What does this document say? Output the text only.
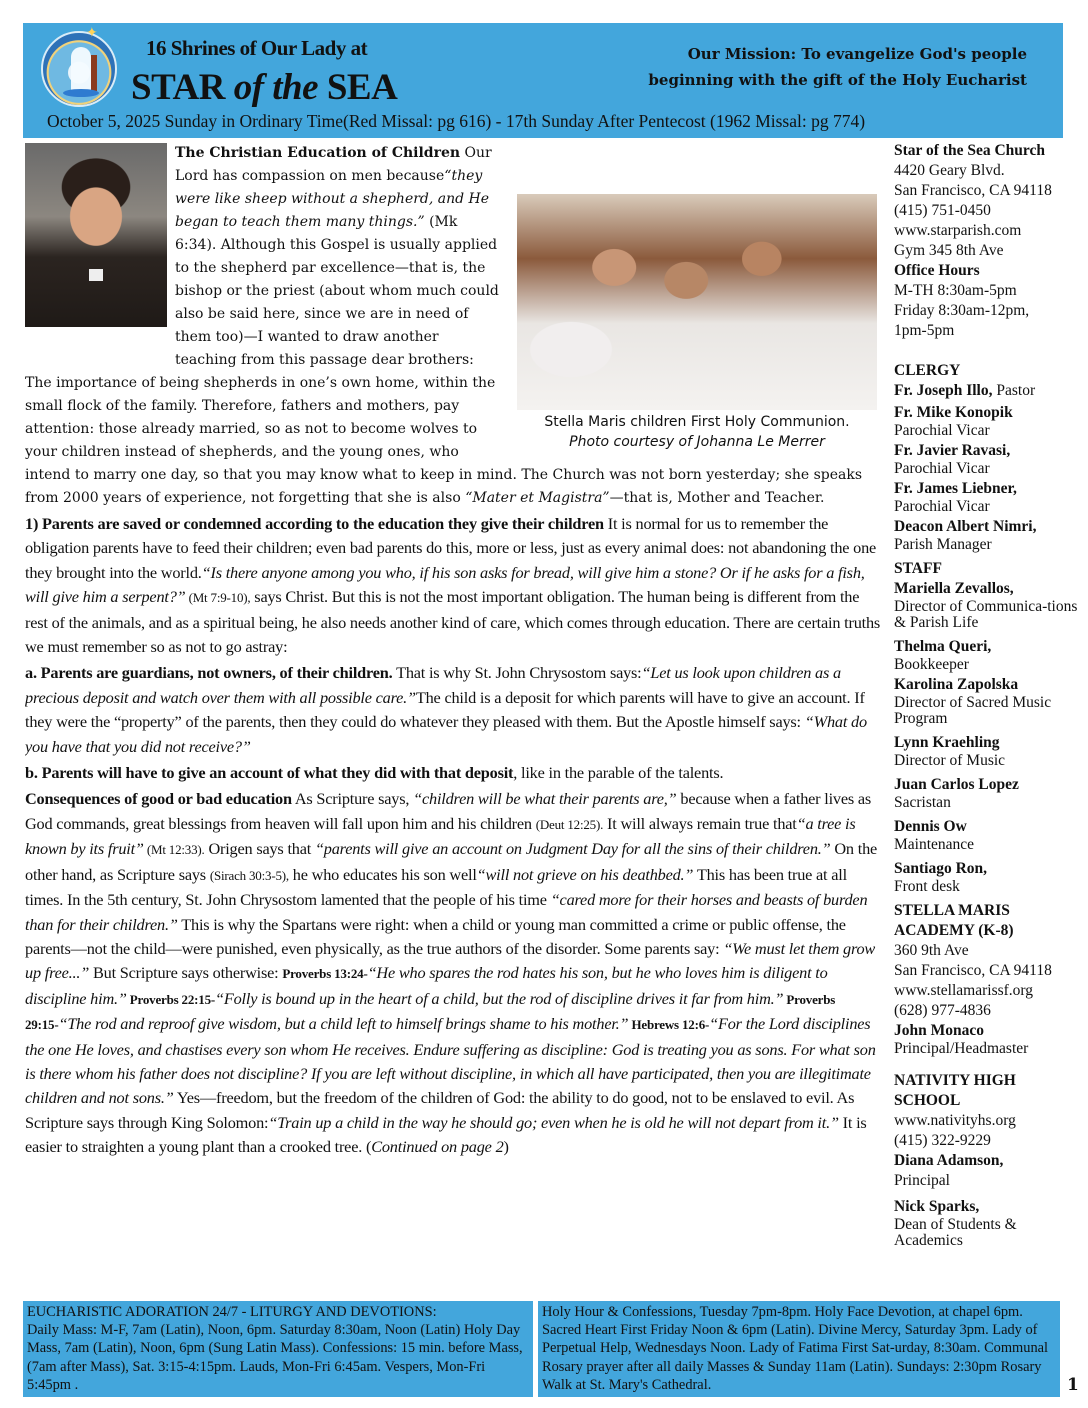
✦
16 Shrines of Our Lady at
STAR of the SEA
Our Mission: To evangelize God's people
beginning with the gift of the Holy Eucharist
October 5, 2025 Sunday in Ordinary Time(Red Missal: pg 616) - 17th Sunday After Pentecost (1962 Missal: pg 774)
Stella Maris children First Holy Communion.
Photo courtesy of Johanna Le Merrer

The Christian Education of Children Our Lord has compassion on men because“they were like sheep without a shepherd, and He began to teach them many things.” (Mk 6:34). Although this Gospel is usually applied to the shepherd par excellence—that is, the bishop or the priest (about whom much could also be said here, since we are in need of them too)—I wanted to draw another teaching from this passage dear brothers: The importance of being shepherds in one’s own home, within the small flock of the family. Therefore, fathers and mothers, pay attention: those already married, so as not to become wolves to your children instead of shepherds, and the young ones, who intend to marry one day, so that you may know what to keep in mind. The Church was not born yesterday; she speaks from 2000 years of experience, not forgetting that she is also “Mater et Magistra”—that is, Mother and Teacher.

1) Parents are saved or condemned according to the education they give their children It is normal for us to remember the obligation parents have to feed their children; even bad parents do this, more or less, just as every animal does: not abandoning the one they brought into the world.“Is there anyone among you who, if his son asks for bread, will give him a stone? Or if he asks for a fish, will give him a serpent?” (Mt 7:9-10), says Christ. But this is not the most important obligation. The human being is different from the rest of the animals, and as a spiritual being, he also needs another kind of care, which comes through education. There are certain truths we must remember so as not to go astray:

a. Parents are guardians, not owners, of their children. That is why St. John Chrysostom says:“Let us look upon children as a precious deposit and watch over them with all possible care.”The child is a deposit for which parents will have to give an account. If they were the “property” of the parents, then they could do whatever they pleased with them. But the Apostle himself says: “What do you have that you did not receive?”

b. Parents will have to give an account of what they did with that deposit, like in the parable of the talents.

Consequences of good or bad education As Scripture says, “children will be what their parents are,” because when a father lives as God commands, great blessings from heaven will fall upon him and his children (Deut 12:25). It will always remain true that“a tree is known by its fruit” (Mt 12:33). Origen says that “parents will give an account on Judgment Day for all the sins of their children.” On the other hand, as Scripture says (Sirach 30:3-5), he who educates his son well“will not grieve on his deathbed.” This has been true at all times. In the 5th century, St. John Chrysostom lamented that the people of his time “cared more for their horses and beasts of burden than for their children.” This is why the Spartans were right: when a child or young man committed a crime or public offense, the parents—not the child—were punished, even physically, as the true authors of the disorder. Some parents say: “We must let them grow up free...” But Scripture says otherwise: Proverbs 13:24-“He who spares the rod hates his son, but he who loves him is diligent to discipline him.” Proverbs 22:15-“Folly is bound up in the heart of a child, but the rod of discipline drives it far from him.” Proverbs 29:15-“The rod and reproof give wisdom, but a child left to himself brings shame to his mother.” Hebrews 12:6-“For the Lord disciplines the one He loves, and chastises every son whom He receives. Endure suffering as discipline: God is treating you as sons. For what son is there whom his father does not discipline? If you are left without discipline, in which all have participated, then you are illegitimate children and not sons.” Yes—freedom, but the freedom of the children of God: the ability to do good, not to be enslaved to evil. As Scripture says through King Solomon:“Train up a child in the way he should go; even when he is old he will not depart from it.” It is easier to straighten a young plant than a crooked tree. (Continued on page 2)

Star of the Sea Church
4420 Geary Blvd.
San Francisco, CA 94118
(415) 751-0450
www.starparish.com
Gym 345 8th Ave
Office Hours
M-TH 8:30am-5pm
Friday 8:30am-12pm,
1pm-5pm
CLERGY
Fr. Joseph Illo, Pastor
Fr. Mike Konopik
Parochial Vicar
Fr. Javier Ravasi,
Parochial Vicar
Fr. James Liebner,
Parochial Vicar
Deacon Albert Nimri,
Parish Manager
STAFF
Mariella Zevallos,
Director of Communica-tions & Parish Life
Thelma Queri,
Bookkeeper
Karolina Zapolska
Director of Sacred Music Program
Lynn Kraehling
Director of Music
Juan Carlos Lopez
Sacristan
Dennis Ow
Maintenance
Santiago Ron,
Front desk
STELLA MARIS ACADEMY (K-8)
360 9th Ave
San Francisco, CA 94118
www.stellamarissf.org
(628) 977-4836
John Monaco
Principal/Headmaster
NATIVITY HIGH SCHOOL
www.nativityhs.org
(415) 322-9229
Diana Adamson,
Principal
Nick Sparks,
Dean of Students & Academics
EUCHARISTIC ADORATION 24/7 - LITURGY AND DEVOTIONS:
Daily Mass: M-F, 7am (Latin), Noon, 6pm. Saturday 8:30am, Noon (Latin) Holy Day Mass, 7am (Latin), Noon, 6pm (Sung Latin Mass). Confessions: 15 min. before Mass, (7am after Mass), Sat. 3:15-4:15pm. Lauds, Mon-Fri 6:45am. Vespers, Mon-Fri 5:45pm .
Holy Hour & Confessions, Tuesday 7pm-8pm. Holy Face Devotion, at chapel 6pm. Sacred Heart First Friday Noon & 6pm (Latin). Divine Mercy, Saturday 3pm. Lady of Perpetual Help, Wednesdays Noon. Lady of Fatima First Sat-urday, 8:30am. Communal Rosary prayer after all daily Masses & Sunday 11am (Latin). Sundays: 2:30pm Rosary Walk at St. Mary's Cathedral.	1
